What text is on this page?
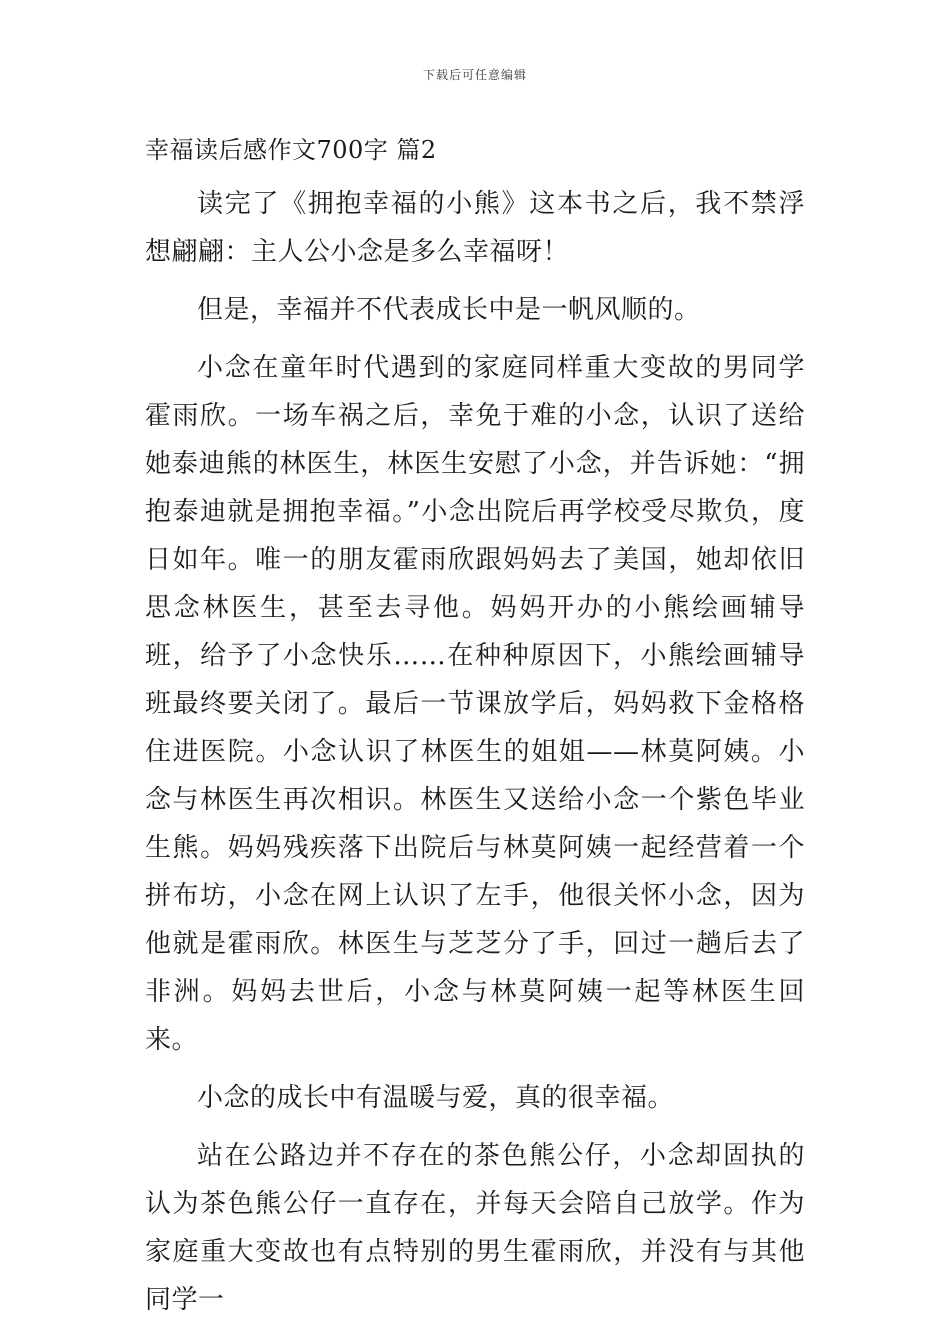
下载后可任意编辑
幸福读后感作文700字 篇2

读完了《拥抱幸福的小熊》这本书之后，我不禁浮想翩翩：主人公小念是多么幸福呀！

但是，幸福并不代表成长中是一帆风顺的。

小念在童年时代遇到的家庭同样重大变故的男同学霍雨欣。一场车祸之后，幸免于难的小念，认识了送给她泰迪熊的林医生，林医生安慰了小念，并告诉她：“拥抱泰迪就是拥抱幸福。”小念出院后再学校受尽欺负，度日如年。唯一的朋友霍雨欣跟妈妈去了美国，她却依旧思念林医生，甚至去寻他。妈妈开办的小熊绘画辅导班，给予了小念快乐……在种种原因下，小熊绘画辅导班最终要关闭了。最后一节课放学后，妈妈救下金格格住进医院。小念认识了林医生的姐姐——林莫阿姨。小念与林医生再次相识。林医生又送给小念一个紫色毕业生熊。妈妈残疾落下出院后与林莫阿姨一起经营着一个拼布坊，小念在网上认识了左手，他很关怀小念，因为他就是霍雨欣。林医生与芝芝分了手，回过一趟后去了非洲。妈妈去世后，小念与林莫阿姨一起等林医生回来。

小念的成长中有温暖与爱，真的很幸福。

站在公路边并不存在的茶色熊公仔，小念却固执的认为茶色熊公仔一直存在，并每天会陪自己放学。作为家庭重大变故也有点特别的男生霍雨欣，并没有与其他同学一
